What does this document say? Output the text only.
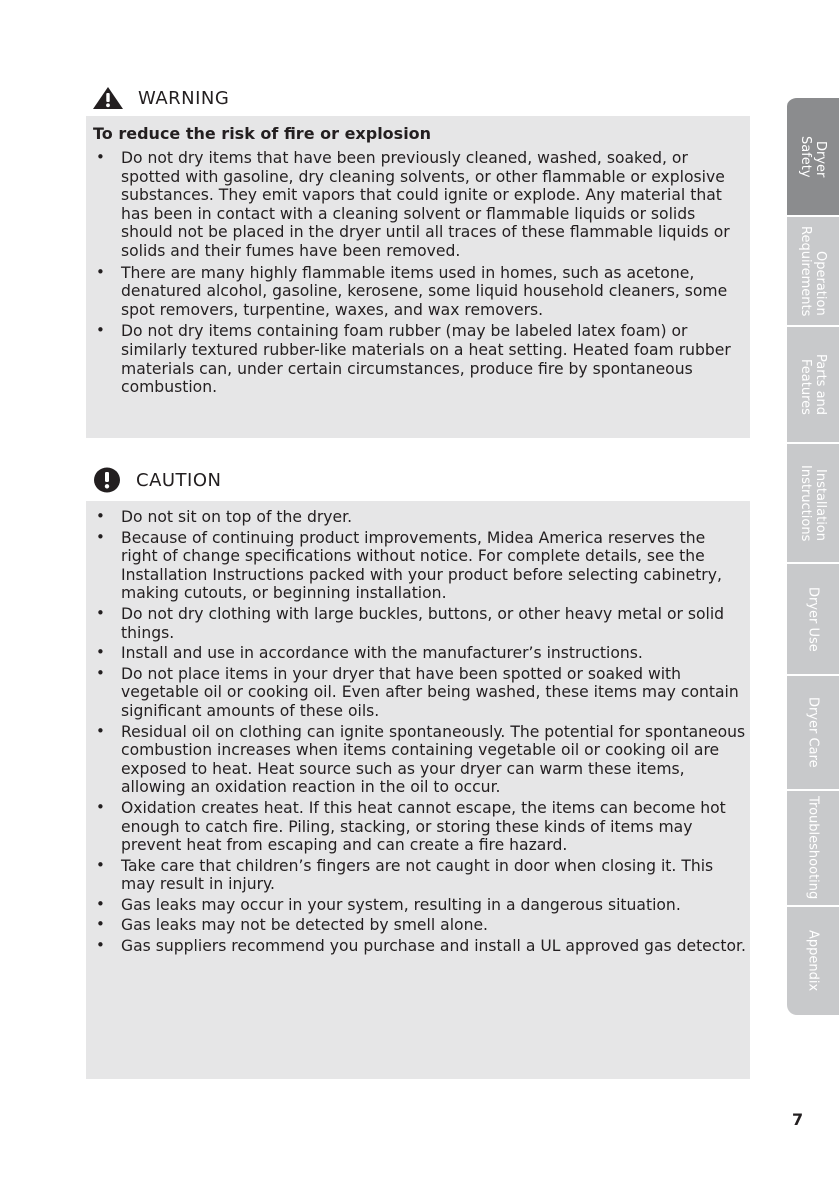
WARNING
To reduce the risk of fire or explosion
• Do not dry items that have been previously cleaned, washed, soaked, or spotted with gasoline, dry cleaning solvents, or other flammable or explosive substances. They emit vapors that could ignite or explode. Any material that has been in contact with a cleaning solvent or flammable liquids or solids should not be placed in the dryer until all traces of these flammable liquids or solids and their fumes have been removed.
• There are many highly flammable items used in homes, such as acetone, denatured alcohol, gasoline, kerosene, some liquid household cleaners, some spot removers, turpentine, waxes, and wax removers.
• Do not dry items containing foam rubber (may be labeled latex foam) or similarly textured rubber-like materials on a heat setting. Heated foam rubber materials can, under certain circumstances, produce fire by spontaneous combustion.
CAUTION
• Do not sit on top of the dryer.
• Because of continuing product improvements, Midea America reserves the right of change specifications without notice. For complete details, see the Installation Instructions packed with your product before selecting cabinetry, making cutouts, or beginning installation.
• Do not dry clothing with large buckles, buttons, or other heavy metal or solid things.
• Install and use in accordance with the manufacturer’s instructions.
• Do not place items in your dryer that have been spotted or soaked with vegetable oil or cooking oil. Even after being washed, these items may contain significant amounts of these oils.
• Residual oil on clothing can ignite spontaneously. The potential for spontaneous combustion increases when items containing vegetable oil or cooking oil are exposed to heat. Heat source such as your dryer can warm these items, allowing an oxidation reaction in the oil to occur.
• Oxidation creates heat. If this heat cannot escape, the items can become hot enough to catch fire. Piling, stacking, or storing these kinds of items may prevent heat from escaping and can create a fire hazard.
• Take care that children’s fingers are not caught in door when closing it. This may result in injury.
• Gas leaks may occur in your system, resulting in a dangerous situation.
• Gas leaks may not be detected by smell alone.
• Gas suppliers recommend you purchase and install a UL approved gas detector.
Dryer
Safety
Operation
Requirements
Parts and
Features
Installation
Instructions
Dryer Use
Dryer Care
Troubleshooting
Appendix
7
